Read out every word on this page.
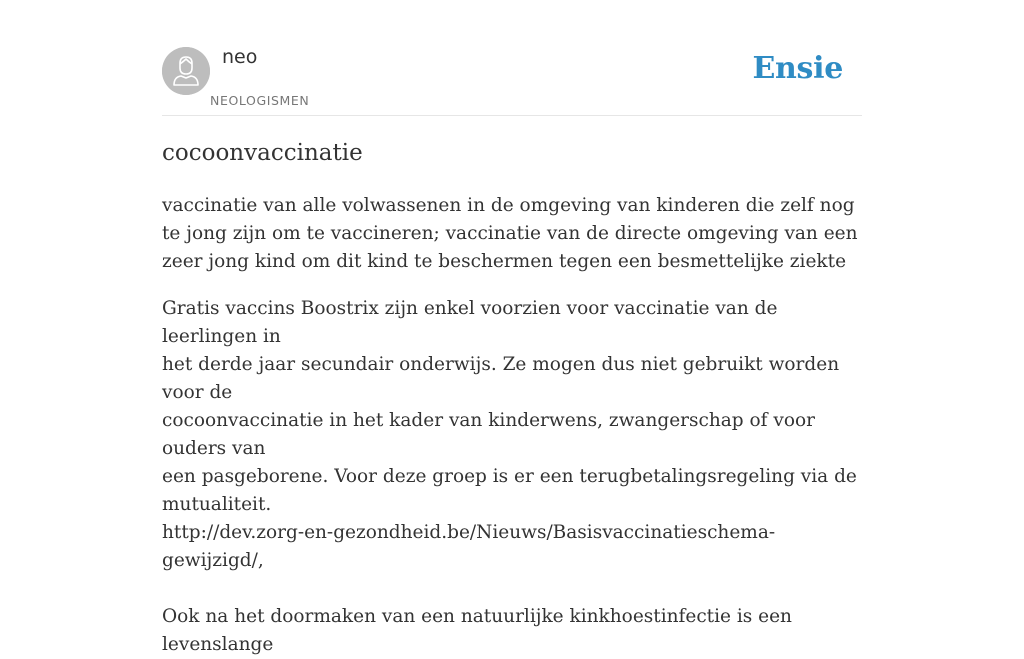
neo
NEOLOGISMEN
Ensie
cocoonvaccinatie

vaccinatie van alle volwassenen in de omgeving van kinderen die zelf nog te jong zijn om te vaccineren; vaccinatie van de directe omgeving van een zeer jong kind om dit kind te beschermen tegen een besmettelijke ziekte

Gratis vaccins Boostrix zijn enkel voorzien voor vaccinatie van de leerlingen in
het derde jaar secundair onderwijs. Ze mogen dus niet gebruikt worden voor de
cocoonvaccinatie in het kader van kinderwens, zwangerschap of voor ouders van
een pasgeborene. Voor deze groep is er een terugbetalingsregeling via de
mutualiteit.
http://dev.zorg-en-gezondheid.be/Nieuws/Basisvaccinatieschema-gewijzigd/,
Ook na het doormaken van een natuurlijke kinkhoestinfectie is een levenslange
